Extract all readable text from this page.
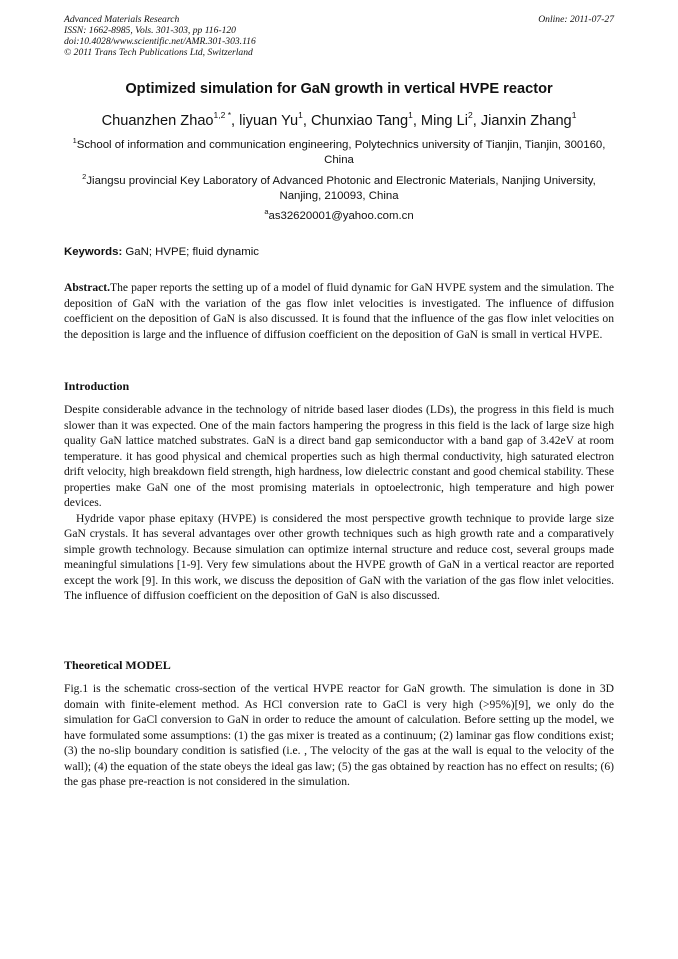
Advanced Materials Research
ISSN: 1662-8985, Vols. 301-303, pp 116-120
doi:10.4028/www.scientific.net/AMR.301-303.116
© 2011 Trans Tech Publications Ltd, Switzerland
Online: 2011-07-27
Optimized simulation for GaN growth in vertical HVPE reactor
Chuanzhen Zhao$^{1,2 *}$, liyuan Yu$^1$, Chunxiao Tang$^1$, Ming Li$^2$, Jianxin Zhang$^1$
$^1$School of information and communication engineering, Polytechnics university of Tianjin, Tianjin, 300160, China
$^2$Jiangsu provincial Key Laboratory of Advanced Photonic and Electronic Materials, Nanjing University, Nanjing, 210093, China
$^a$as32620001@yahoo.com.cn
Keywords: GaN; HVPE; fluid dynamic
Abstract.The paper reports the setting up of a model of fluid dynamic for GaN HVPE system and the simulation. The deposition of GaN with the variation of the gas flow inlet velocities is investigated. The influence of diffusion coefficient on the deposition of GaN is also discussed. It is found that the influence of the gas flow inlet velocities on the deposition is large and the influence of diffusion coefficient on the deposition of GaN is small in vertical HVPE.
Introduction

Despite considerable advance in the technology of nitride based laser diodes (LDs), the progress in this field is much slower than it was expected. One of the main factors hampering the progress in this field is the lack of large size high quality GaN lattice matched substrates. GaN is a direct band gap semiconductor with a band gap of 3.42eV at room temperature. it has good physical and chemical properties such as high thermal conductivity, high saturated electron drift velocity, high breakdown field strength, high hardness, low dielectric constant and good chemical stability. These properties make GaN one of the most promising materials in optoelectronic, high temperature and high power devices.

Hydride vapor phase epitaxy (HVPE) is considered the most perspective growth technique to provide large size GaN crystals. It has several advantages over other growth techniques such as high growth rate and a comparatively simple growth technology. Because simulation can optimize internal structure and reduce cost, several groups made meaningful simulations [1-9]. Very few simulations about the HVPE growth of GaN in a vertical reactor are reported except the work [9]. In this work, we discuss the deposition of GaN with the variation of the gas flow inlet velocities. The influence of diffusion coefficient on the deposition of GaN is also discussed.

Theoretical MODEL
Fig.1 is the schematic cross-section of the vertical HVPE reactor for GaN growth. The simulation is done in 3D domain with finite-element method. As HCl conversion rate to GaCl is very high (>95%)[9], we only do the simulation for GaCl conversion to GaN in order to reduce the amount of calculation. Before setting up the model, we have formulated some assumptions: (1) the gas mixer is treated as a continuum; (2) laminar gas flow conditions exist; (3) the no-slip boundary condition is satisfied (i.e. , The velocity of the gas at the wall is equal to the velocity of the wall); (4) the equation of the state obeys the ideal gas law; (5) the gas obtained by reaction has no effect on results; (6) the gas phase pre-reaction is not considered in the simulation.
